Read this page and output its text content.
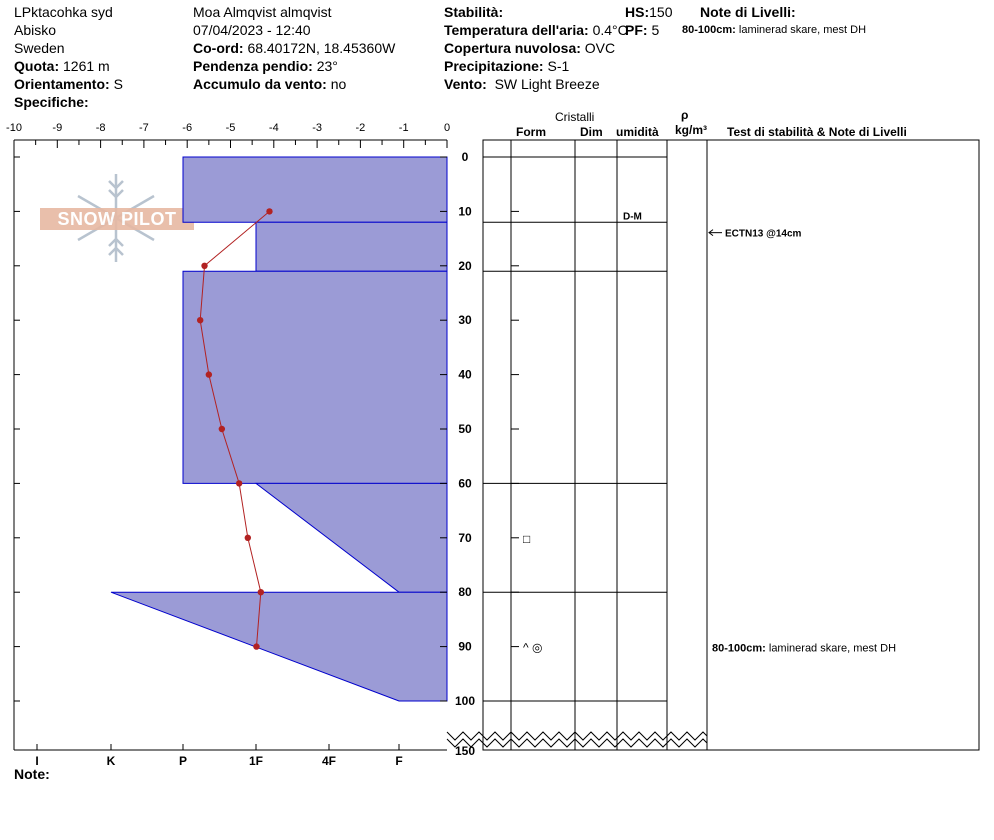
LPktacohka syd
Abisko
Sweden
Quota: 1261 m
Orientamento: S
Specifiche:
Moa Almqvist almqvist
07/04/2023 - 12:40
Co-ord: 68.40172N, 18.45360W
Pendenza pendio: 23°
Accumulo da vento: no
Stabilità:
Temperatura dell'aria: 0.4°C
Copertura nuvolosa: OVC
Precipitazione: S-1
Vento: SW Light Breeze
HS:150
PF: 5
Note di Livelli:
80-100cm: laminerad skare, mest DH
Cristalli
Form	Dim umidità
ρ
kg/m³ Test di stabilità & Note di Livelli
SNOW PILOT
-10	-9	-8	-7	-6	-5	-4	-3	-2	-1	0
0
10
20
30
40
50
60
70
80
90
100
150
I	K	P	1F	4F	F
D-M
□
^ ◎
ECTN13 @14cm
80-100cm: laminerad skare, mest DH
Note:
